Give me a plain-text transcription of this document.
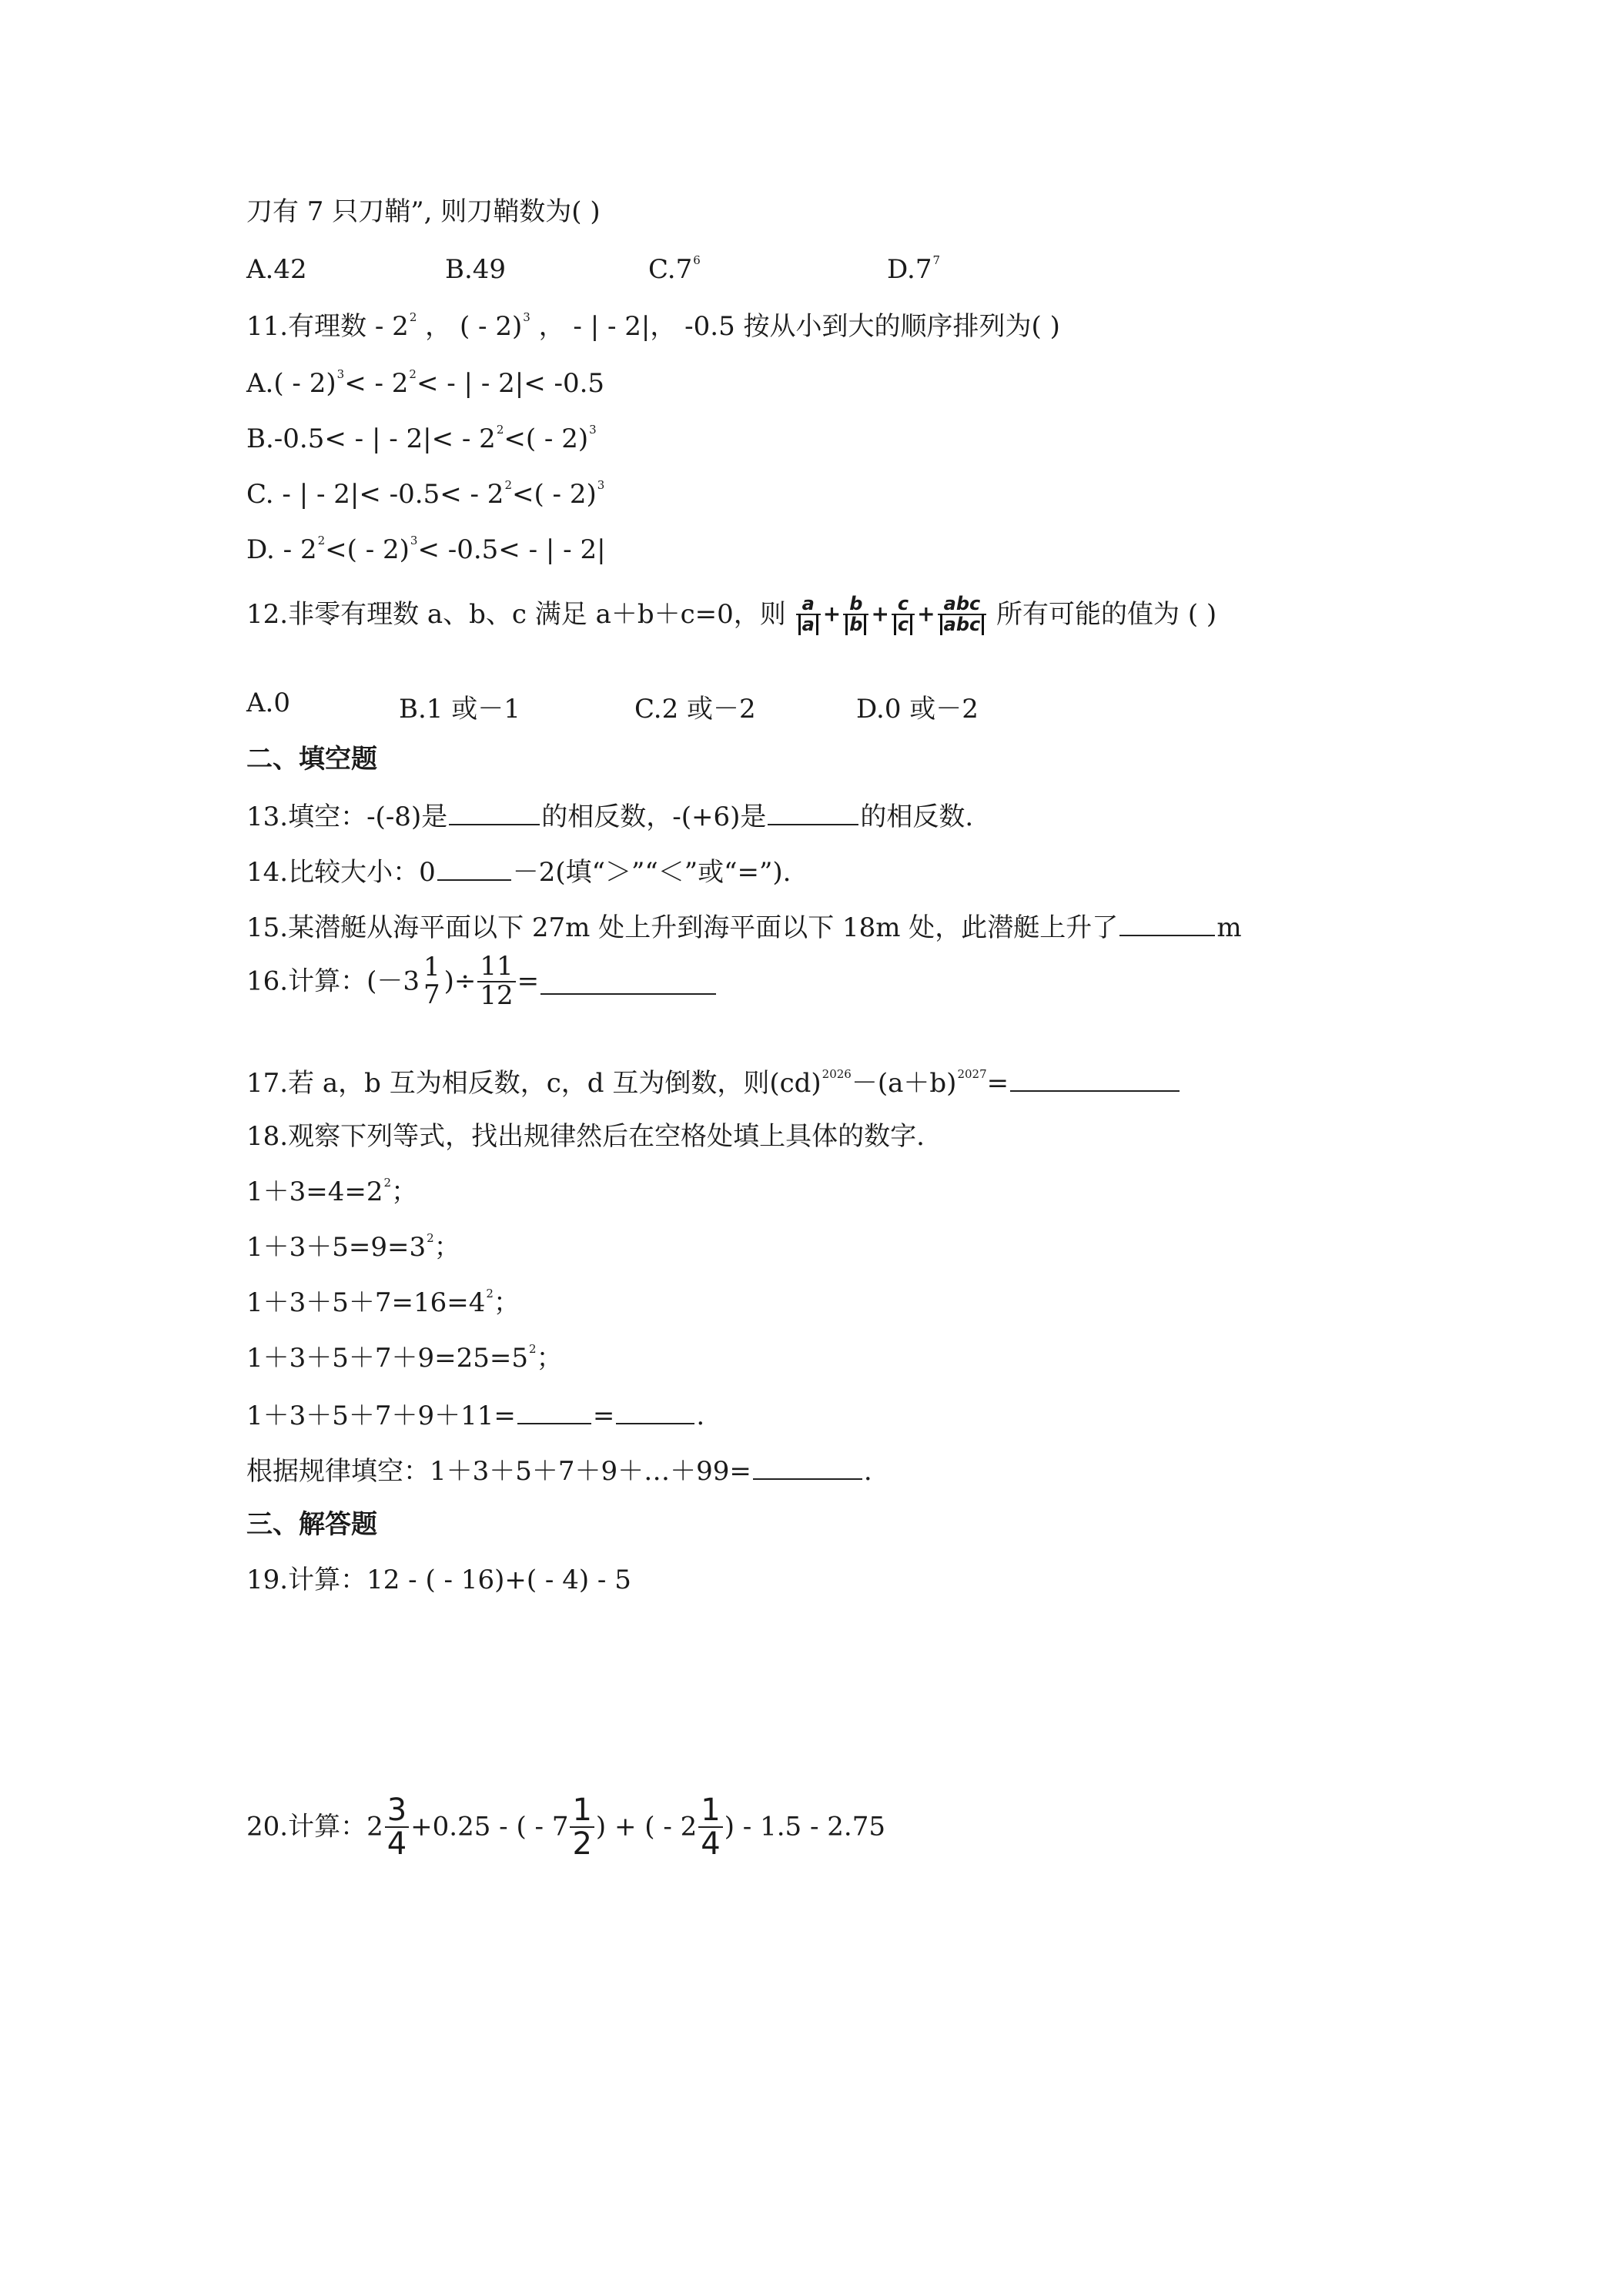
刀有 7 只刀鞘”, 则刀鞘数为( )
A.42	B.49	$C.7^6$	$D.7^7$
11.有理数 - $2^2$ ， ( - 2)$^3$ ， - | - 2|， -0.5 按从小到大的顺序排列为( )
$A.( - 2)^3< - 2^2<$ - | - 2|< -0.5
B.-0.5< - | - $2|< - 2^2<( - 2)^3$
C. - | - $2|< -0.5< - 2^2<( - 2)^3$
D. - $2^2<( - 2)^3< -0.5<$ - | - 2|
12.非零有理数 a、b、c 满足 a＋b＋c=0，则 $\frac{a}{a} + \frac{b}{b} + \frac{c}{c} + \frac{\text{abc}}{\text{abc}}$ 所有可能的值为 ( )
A.0	B.1 或－1	C.2 或－2	D.0 或－2
二、填空题
13.填空：-(-8)是	的相反数，-(+6)是	的相反数.
14.比较大小：0	－2(填“＞”“＜”或“=”).
15.某潜艇从海平面以下 27m 处上升到海平面以下 18m 处，此潜艇上升了	m
16.计算：(－3 1
7 )÷ $\frac{11}{12}$ =
17.若 a，b 互为相反数，c，d 互为倒数，则$(cd)^{2026}-(a+b)^{2027}=$
18.观察下列等式，找出规律然后在空格处填上具体的数字.
$1+3=4=2^2$；
$1+3+5=9=3^2$；
$1+3+5+7=16=4^2$；
$1+3+5+7+9=25=5^2$；
1＋3＋5＋7＋9＋11=	=	.
根据规律填空：1＋3＋5＋7＋9＋…＋99=	.
三、解答题
19.计算：12 - ( - 16)+( - 4) - 5
20.计算：$2 \frac{3}{4} +0.25$ - ( - $7 \frac{1}{2}$ ) + ( - $2 \frac{1}{4}$ ) - 1.5 - 2.75
